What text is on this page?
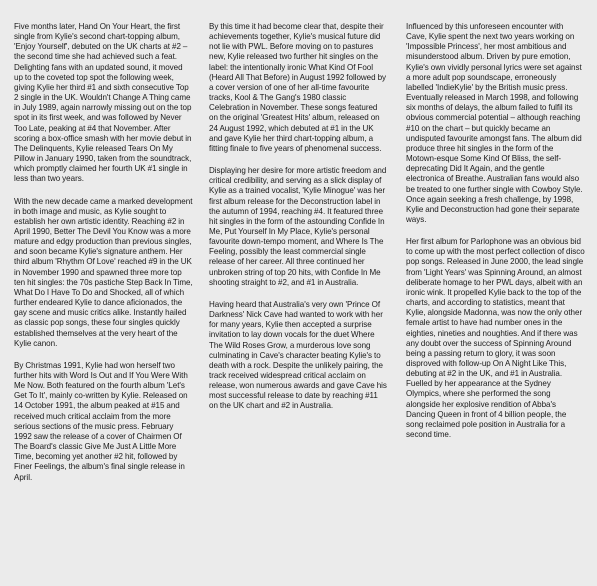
Five months later, Hand On Your Heart, the first single from Kylie's second chart-topping album, 'Enjoy Yourself', debuted on the UK charts at #2 – the second time she had achieved such a feat. Delighting fans with an updated sound, it moved up to the coveted top spot the following week, giving Kylie her third #1 and sixth consecutive Top 2 single in the UK. Wouldn't Change A Thing came in July 1989, again narrowly missing out on the top spot in its first week, and was followed by Never Too Late, peaking at #4 that November. After scoring a box-office smash with her movie debut in The Delinquents, Kylie released Tears On My Pillow in January 1990, taken from the soundtrack, which promptly claimed her fourth UK #1 single in less than two years.

With the new decade came a marked development in both image and music, as Kylie sought to establish her own artistic identity. Reaching #2 in April 1990, Better The Devil You Know was a more mature and edgy production than previous singles, and soon became Kylie's signature anthem. Her third album 'Rhythm Of Love' reached #9 in the UK in November 1990 and spawned three more top ten hit singles: the 70s pastiche Step Back In Time, What Do I Have To Do and Shocked, all of which further endeared Kylie to dance aficionados, the gay scene and music critics alike. Instantly hailed as classic pop songs, these four singles quickly established themselves at the very heart of the Kylie canon.

By Christmas 1991, Kylie had won herself two further hits with Word Is Out and If You Were With Me Now. Both featured on the fourth album 'Let's Get To It', mainly co-written by Kylie. Released on 14 October 1991, the album peaked at #15 and received much critical acclaim from the more serious sections of the music press. February 1992 saw the release of a cover of Chairmen Of The Board's classic Give Me Just A Little More Time, becoming yet another #2 hit, followed by Finer Feelings, the album's final single release in April.

By this time it had become clear that, despite their achievements together, Kylie's musical future did not lie with PWL. Before moving on to pastures new, Kylie released two further hit singles on the label: the intentionally ironic What Kind Of Fool (Heard All That Before) in August 1992 followed by a cover version of one of her all-time favourite tracks, Kool & The Gang's 1980 classic Celebration in November. These songs featured on the original 'Greatest Hits' album, released on 24 August 1992, which debuted at #1 in the UK and gave Kylie her third chart-topping album, a fitting finale to five years of phenomenal success.

Displaying her desire for more artistic freedom and critical credibility, and serving as a slick display of Kylie as a trained vocalist, 'Kylie Minogue' was her first album release for the Deconstruction label in the autumn of 1994, reaching #4. It featured three hit singles in the form of the astounding Confide In Me, Put Yourself In My Place, Kylie's personal favourite down-tempo moment, and Where Is The Feeling, possibly the least commercial single release of her career. All three continued her unbroken string of top 20 hits, with Confide In Me shooting straight to #2, and #1 in Australia.

Having heard that Australia's very own 'Prince Of Darkness' Nick Cave had wanted to work with her for many years, Kylie then accepted a surprise invitation to lay down vocals for the duet Where The Wild Roses Grow, a murderous love song culminating in Cave's character beating Kylie's to death with a rock. Despite the unlikely pairing, the track received widespread critical acclaim on release, won numerous awards and gave Cave his most successful release to date by reaching #11 on the UK chart and #2 in Australia.

Influenced by this unforeseen encounter with Cave, Kylie spent the next two years working on 'Impossible Princess', her most ambitious and misunderstood album. Driven by pure emotion, Kylie's own vividly personal lyrics were set against a more adult pop soundscape, erroneously labelled 'IndieKylie' by the British music press. Eventually released in March 1998, and following six months of delays, the album failed to fulfil its obvious commercial potential – although reaching #10 on the chart – but quickly became an undisputed favourite amongst fans. The album did produce three hit singles in the form of the Motown-esque Some Kind Of Bliss, the self-deprecating Did It Again, and the gentle electronica of Breathe. Australian fans would also be treated to one further single with Cowboy Style. Once again seeking a fresh challenge, by 1998, Kylie and Deconstruction had gone their separate ways.

Her first album for Parlophone was an obvious bid to come up with the most perfect collection of disco pop songs. Released in June 2000, the lead single from 'Light Years' was Spinning Around, an almost deliberate homage to her PWL days, albeit with an ironic wink. It propelled Kylie back to the top of the charts, and according to statistics, meant that Kylie, alongside Madonna, was now the only other female artist to have had number ones in the eighties, nineties and noughties. And if there was any doubt over the success of Spinning Around being a passing return to glory, it was soon disproved with follow-up On A Night Like This, debuting at #2 in the UK, and #1 in Australia. Fuelled by her appearance at the Sydney Olympics, where she performed the song alongside her explosive rendition of Abba's Dancing Queen in front of 4 billion people, the song reclaimed pole position in Australia for a second time.
